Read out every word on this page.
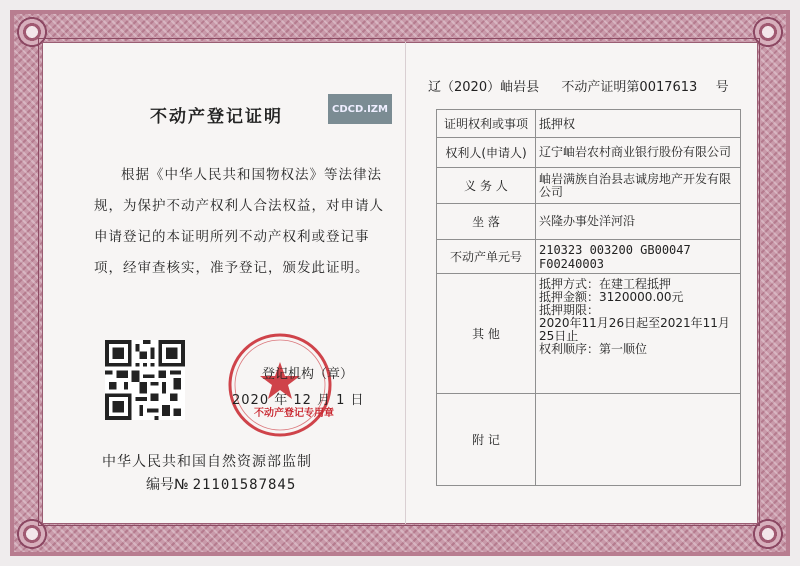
不动产登记证明	CDCD.IZM
根据《中华人民共和国物权法》等法律法规，为保护不动产权利人合法权益，对申请人申请登记的本证明所列不动产权利或登记事项，经审查核实，准予登记，颁发此证明。
登记机构（章）
2020 年 12 月 1 日
不动产登记专用章
中华人民共和国自然资源部监制
编号№ 21101587845
辽（2020）岫岩县 不动产证明第0017613 号
证明权利或事项	抵押权
权利人(申请人)	辽宁岫岩农村商业银行股份有限公司
义 务 人	岫岩满族自治县志诚房地产开发有限公司
坐 落	兴隆办事处洋河沿
不动产单元号	210323 003200 GB00047 F00240003
其 他	抵押方式：在建工程抵押
抵押金额：3120000.00元
抵押期限：
2020年11月26日起至2021年11月25日止
权利顺序：第一顺位

附 记	
